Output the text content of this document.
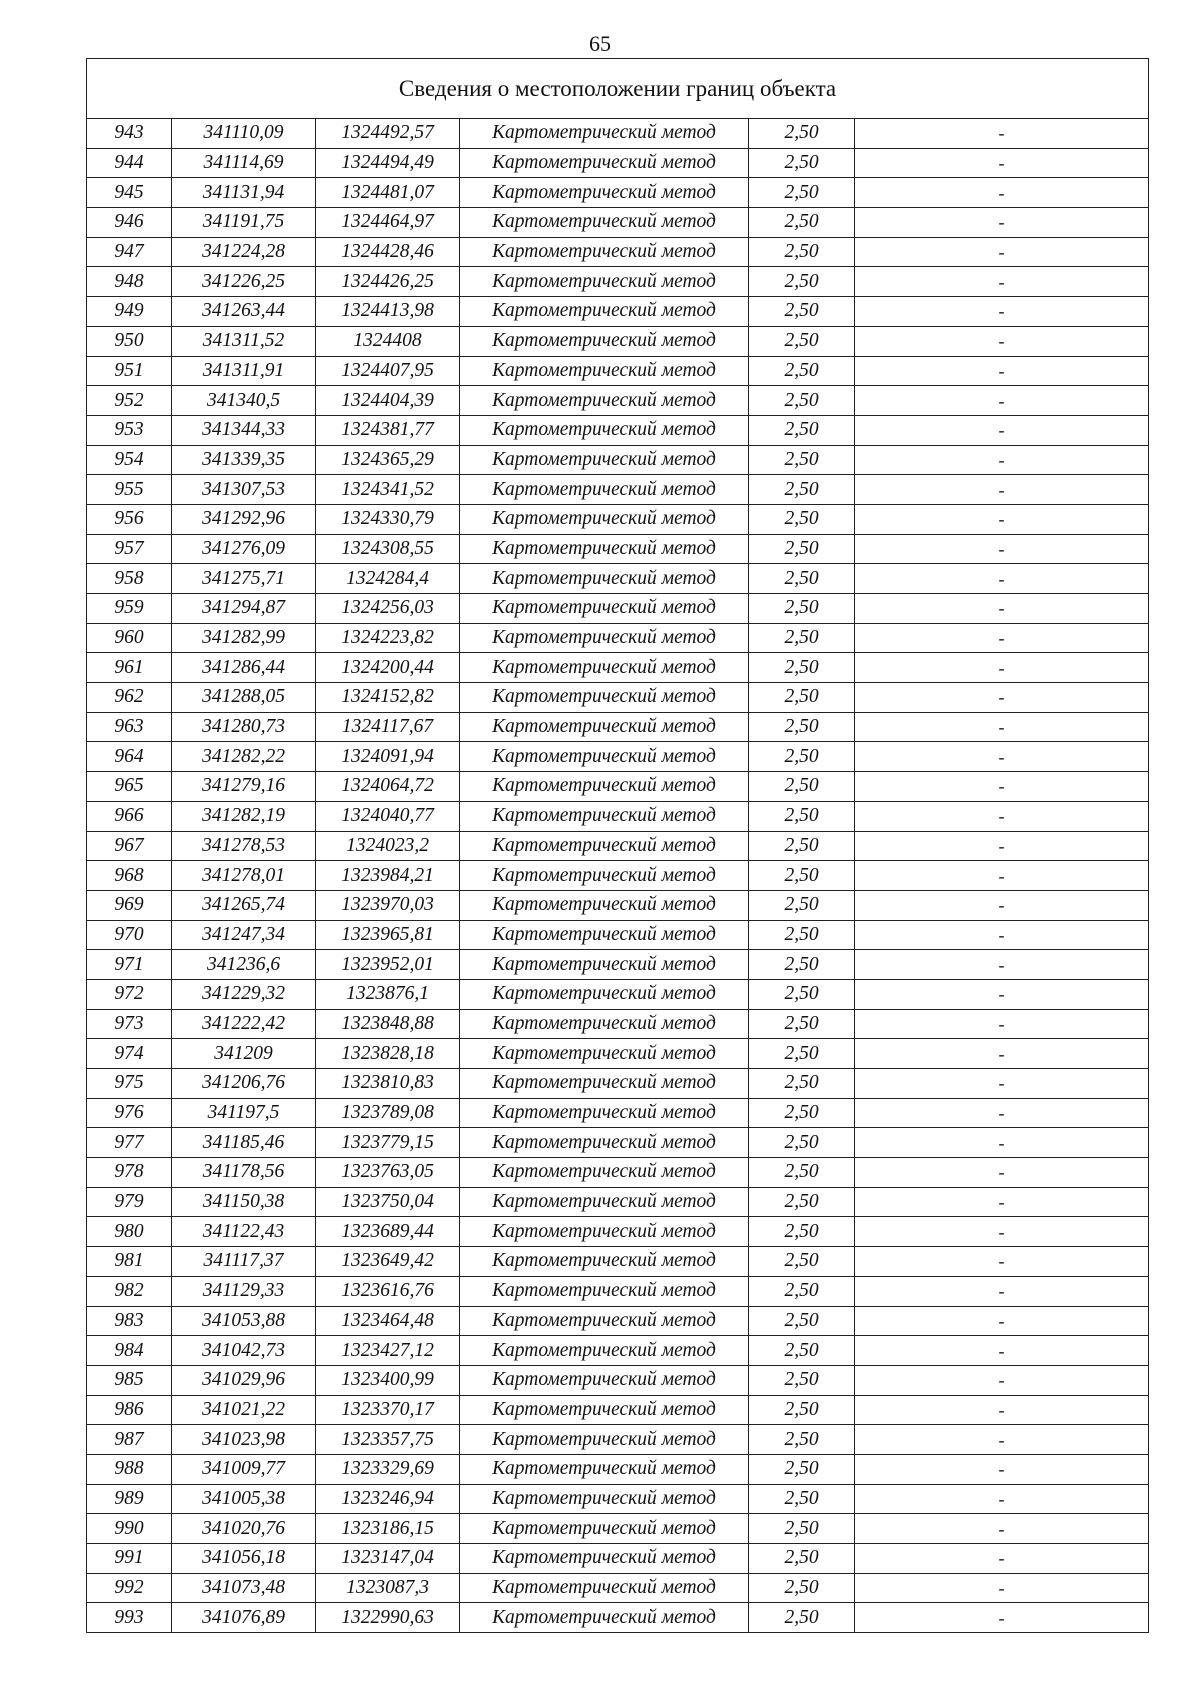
65
Сведения о местоположении границ объекта					
943	341110,09	1324492,57	Картометрический метод	2,50	-
944	341114,69	1324494,49	Картометрический метод	2,50	-
945	341131,94	1324481,07	Картометрический метод	2,50	-
946	341191,75	1324464,97	Картометрический метод	2,50	-
947	341224,28	1324428,46	Картометрический метод	2,50	-
948	341226,25	1324426,25	Картометрический метод	2,50	-
949	341263,44	1324413,98	Картометрический метод	2,50	-
950	341311,52	1324408	Картометрический метод	2,50	-
951	341311,91	1324407,95	Картометрический метод	2,50	-
952	341340,5	1324404,39	Картометрический метод	2,50	-
953	341344,33	1324381,77	Картометрический метод	2,50	-
954	341339,35	1324365,29	Картометрический метод	2,50	-
955	341307,53	1324341,52	Картометрический метод	2,50	-
956	341292,96	1324330,79	Картометрический метод	2,50	-
957	341276,09	1324308,55	Картометрический метод	2,50	-
958	341275,71	1324284,4	Картометрический метод	2,50	-
959	341294,87	1324256,03	Картометрический метод	2,50	-
960	341282,99	1324223,82	Картометрический метод	2,50	-
961	341286,44	1324200,44	Картометрический метод	2,50	-
962	341288,05	1324152,82	Картометрический метод	2,50	-
963	341280,73	1324117,67	Картометрический метод	2,50	-
964	341282,22	1324091,94	Картометрический метод	2,50	-
965	341279,16	1324064,72	Картометрический метод	2,50	-
966	341282,19	1324040,77	Картометрический метод	2,50	-
967	341278,53	1324023,2	Картометрический метод	2,50	-
968	341278,01	1323984,21	Картометрический метод	2,50	-
969	341265,74	1323970,03	Картометрический метод	2,50	-
970	341247,34	1323965,81	Картометрический метод	2,50	-
971	341236,6	1323952,01	Картометрический метод	2,50	-
972	341229,32	1323876,1	Картометрический метод	2,50	-
973	341222,42	1323848,88	Картометрический метод	2,50	-
974	341209	1323828,18	Картометрический метод	2,50	-
975	341206,76	1323810,83	Картометрический метод	2,50	-
976	341197,5	1323789,08	Картометрический метод	2,50	-
977	341185,46	1323779,15	Картометрический метод	2,50	-
978	341178,56	1323763,05	Картометрический метод	2,50	-
979	341150,38	1323750,04	Картометрический метод	2,50	-
980	341122,43	1323689,44	Картометрический метод	2,50	-
981	341117,37	1323649,42	Картометрический метод	2,50	-
982	341129,33	1323616,76	Картометрический метод	2,50	-
983	341053,88	1323464,48	Картометрический метод	2,50	-
984	341042,73	1323427,12	Картометрический метод	2,50	-
985	341029,96	1323400,99	Картометрический метод	2,50	-
986	341021,22	1323370,17	Картометрический метод	2,50	-
987	341023,98	1323357,75	Картометрический метод	2,50	-
988	341009,77	1323329,69	Картометрический метод	2,50	-
989	341005,38	1323246,94	Картометрический метод	2,50	-
990	341020,76	1323186,15	Картометрический метод	2,50	-
991	341056,18	1323147,04	Картометрический метод	2,50	-
992	341073,48	1323087,3	Картометрический метод	2,50	-
993	341076,89	1322990,63	Картометрический метод	2,50	-
